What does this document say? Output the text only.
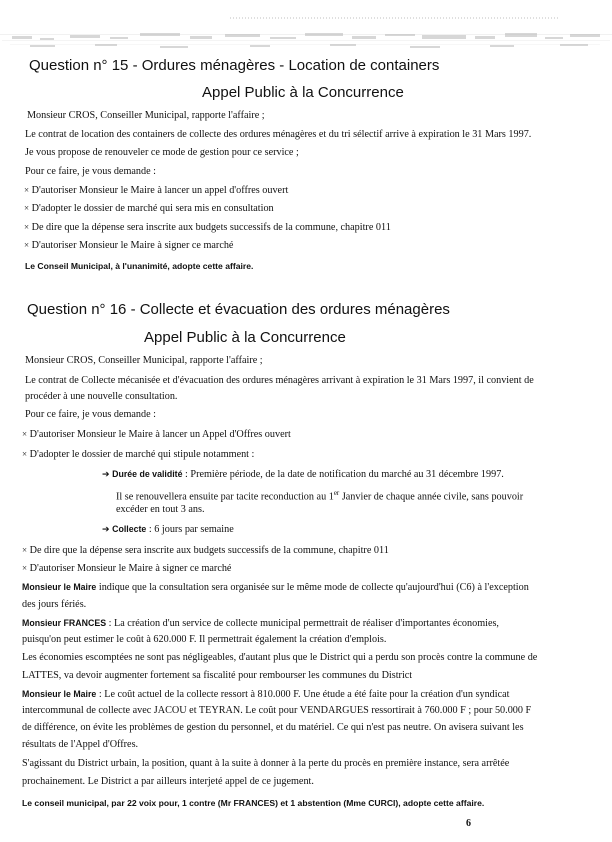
Question n° 15 - Ordures ménagères - Location de containers
Appel Public à la Concurrence
Monsieur CROS, Conseiller Municipal, rapporte l'affaire ;
Le contrat de location des containers de collecte des ordures ménagères et du tri sélectif arrive à expiration le 31 Mars 1997.
Je vous propose de renouveler ce mode de gestion pour ce service ;
Pour ce faire, je vous demande :
× D'autoriser Monsieur le Maire à lancer un appel d'offres ouvert
× D'adopter le dossier de marché qui sera mis en consultation
× De dire que la dépense sera inscrite aux budgets successifs de la commune, chapitre 011
× D'autoriser Monsieur le Maire à signer ce marché
Le Conseil Municipal, à l'unanimité, adopte cette affaire.
Question n° 16 - Collecte et évacuation des ordures ménagères
Appel Public à la Concurrence
Monsieur CROS, Conseiller Municipal, rapporte l'affaire ;
Le contrat de Collecte mécanisée et d'évacuation des ordures ménagères arrivant à expiration le 31 Mars 1997, il convient de
procéder à une nouvelle consultation.
Pour ce faire, je vous demande :
× D'autoriser Monsieur le Maire à lancer un Appel d'Offres ouvert
× D'adopter le dossier de marché qui stipule notamment :
➔ Durée de validité : Première période, de la date de notification du marché au 31 décembre 1997.
Il se renouvellera ensuite par tacite reconduction au 1er Janvier de chaque année civile, sans pouvoir
excéder en tout 3 ans.
➔ Collecte : 6 jours par semaine
× De dire que la dépense sera inscrite aux budgets successifs de la commune, chapitre 011
× D'autoriser Monsieur le Maire à signer ce marché
Monsieur le Maire indique que la consultation sera organisée sur le même mode de collecte qu'aujourd'hui (C6) à l'exception
des jours fériés.
Monsieur FRANCES : La création d'un service de collecte municipal permettrait de réaliser d'importantes économies,
puisqu'on peut estimer le coût à 620.000 F. Il permettrait également la création d'emplois.
Les économies escomptées ne sont pas négligeables, d'autant plus que le District qui a perdu son procès contre la commune de
LATTES, va devoir augmenter fortement sa fiscalité pour rembourser les communes du District
Monsieur le Maire : Le coût actuel de la collecte ressort à 810.000 F. Une étude a été faite pour la création d'un syndicat
intercommunal de collecte avec JACOU et TEYRAN. Le coût pour VENDARGUES ressortirait à 760.000 F ; pour 50.000 F
de différence, on évite les problèmes de gestion du personnel, et du matériel. Ce qui n'est pas neutre. On avisera suivant les
résultats de l'Appel d'Offres.
S'agissant du District urbain, la position, quant à la suite à donner à la perte du procès en première instance, sera arrêtée
prochainement. Le District a par ailleurs interjeté appel de ce jugement.
Le conseil municipal, par 22 voix pour, 1 contre (Mr FRANCES) et 1 abstention (Mme CURCI), adopte cette affaire.
6
